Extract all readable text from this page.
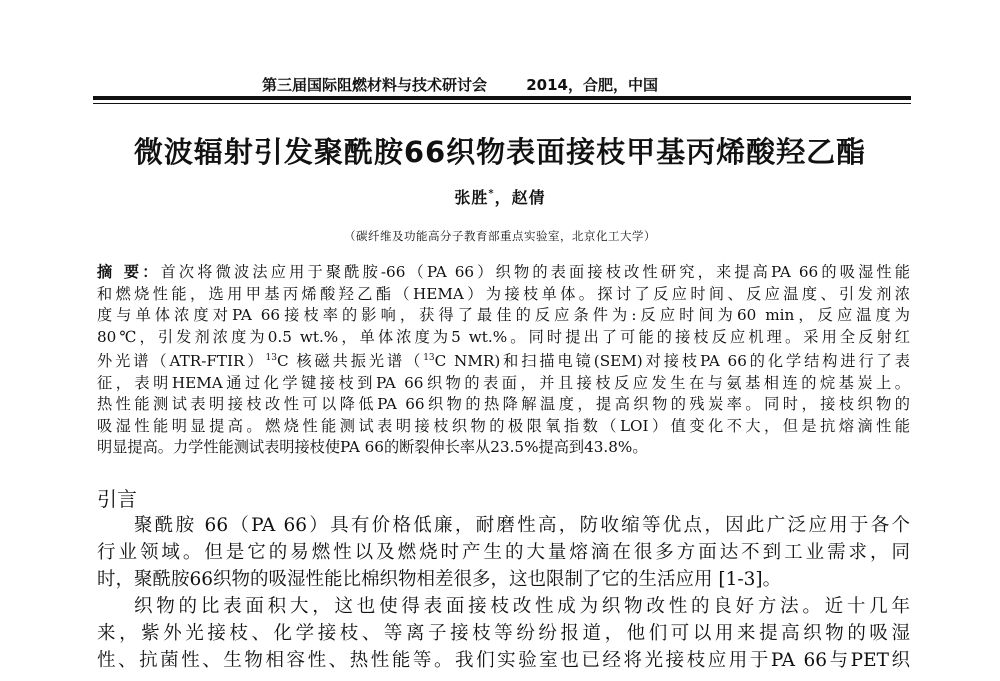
第三届国际阻燃材料与技术研讨会	2014，合肥，中国
微波辐射引发聚酰胺66织物表面接枝甲基丙烯酸羟乙酯
张胜*，赵倩
（碳纤维及功能高分子教育部重点实验室，北京化工大学）
摘 要：首次将微波法应用于聚酰胺-66（PA 66）织物的表面接枝改性研究，来提高PA 66的吸湿性能
和燃烧性能，选用甲基丙烯酸羟乙酯（HEMA）为接枝单体。探讨了反应时间、反应温度、引发剂浓
度与单体浓度对PA 66接枝率的影响，获得了最佳的反应条件为:反应时间为60 min，反应温度为
80℃，引发剂浓度为0.5 wt.%，单体浓度为5 wt.%。同时提出了可能的接枝反应机理。采用全反射红
外光谱（ATR-FTIR）$^{13}$C 核磁共振光谱（$^{13}$C NMR)和扫描电镜(SEM)对接枝PA 66的化学结构进行了表
征，表明HEMA通过化学键接枝到PA 66织物的表面，并且接枝反应发生在与氨基相连的烷基炭上。
热性能测试表明接枝改性可以降低PA 66织物的热降解温度，提高织物的残炭率。同时，接枝织物的
吸湿性能明显提高。燃烧性能测试表明接枝织物的极限氧指数（LOI）值变化不大，但是抗熔滴性能
明显提高。力学性能测试表明接枝使PA 66的断裂伸长率从23.5%提高到43.8%。
引言
聚酰胺 66（PA 66）具有价格低廉，耐磨性高，防收缩等优点，因此广泛应用于各个
行业领域。但是它的易燃性以及燃烧时产生的大量熔滴在很多方面达不到工业需求，同
时，聚酰胺66织物的吸湿性能比棉织物相差很多，这也限制了它的生活应用 [1-3]。
织物的比表面积大，这也使得表面接枝改性成为织物改性的良好方法。近十几年
来，紫外光接枝、化学接枝、等离子接枝等纷纷报道，他们可以用来提高织物的吸湿
性、抗菌性、生物相容性、热性能等。我们实验室也已经将光接枝应用于PA 66与PET织
